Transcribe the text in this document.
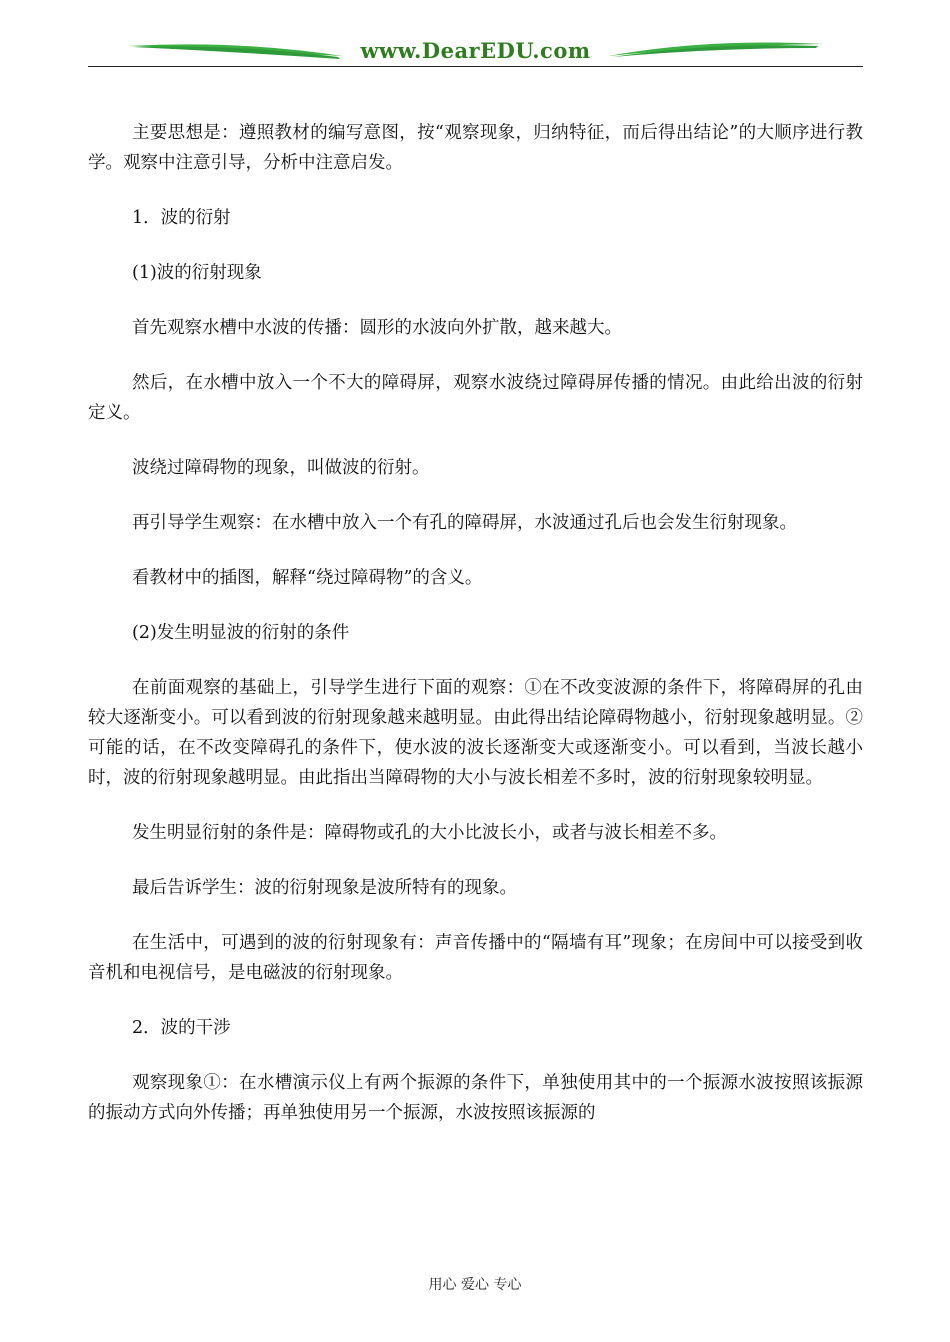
www.DearEDU.com

主要思想是：遵照教材的编写意图，按“观察现象，归纳特征，而后得出结论”的大顺序进行教学。观察中注意引导，分析中注意启发。

1．波的衍射

(1)波的衍射现象

首先观察水槽中水波的传播：圆形的水波向外扩散，越来越大。

然后，在水槽中放入一个不大的障碍屏，观察水波绕过障碍屏传播的情况。由此给出波的衍射定义。

波绕过障碍物的现象，叫做波的衍射。

再引导学生观察：在水槽中放入一个有孔的障碍屏，水波通过孔后也会发生衍射现象。

看教材中的插图，解释“绕过障碍物”的含义。

(2)发生明显波的衍射的条件

在前面观察的基础上，引导学生进行下面的观察：①在不改变波源的条件下，将障碍屏的孔由较大逐渐变小。可以看到波的衍射现象越来越明显。由此得出结论障碍物越小，衍射现象越明显。②可能的话，在不改变障碍孔的条件下，使水波的波长逐渐变大或逐渐变小。可以看到，当波长越小时，波的衍射现象越明显。由此指出当障碍物的大小与波长相差不多时，波的衍射现象较明显。

发生明显衍射的条件是：障碍物或孔的大小比波长小，或者与波长相差不多。

最后告诉学生：波的衍射现象是波所特有的现象。

在生活中，可遇到的波的衍射现象有：声音传播中的“隔墙有耳”现象；在房间中可以接受到收音机和电视信号，是电磁波的衍射现象。

2．波的干涉

观察现象①：在水槽演示仪上有两个振源的条件下，单独使用其中的一个振源水波按照该振源的振动方式向外传播；再单独使用另一个振源，水波按照该振源的

用心 爱心 专心
